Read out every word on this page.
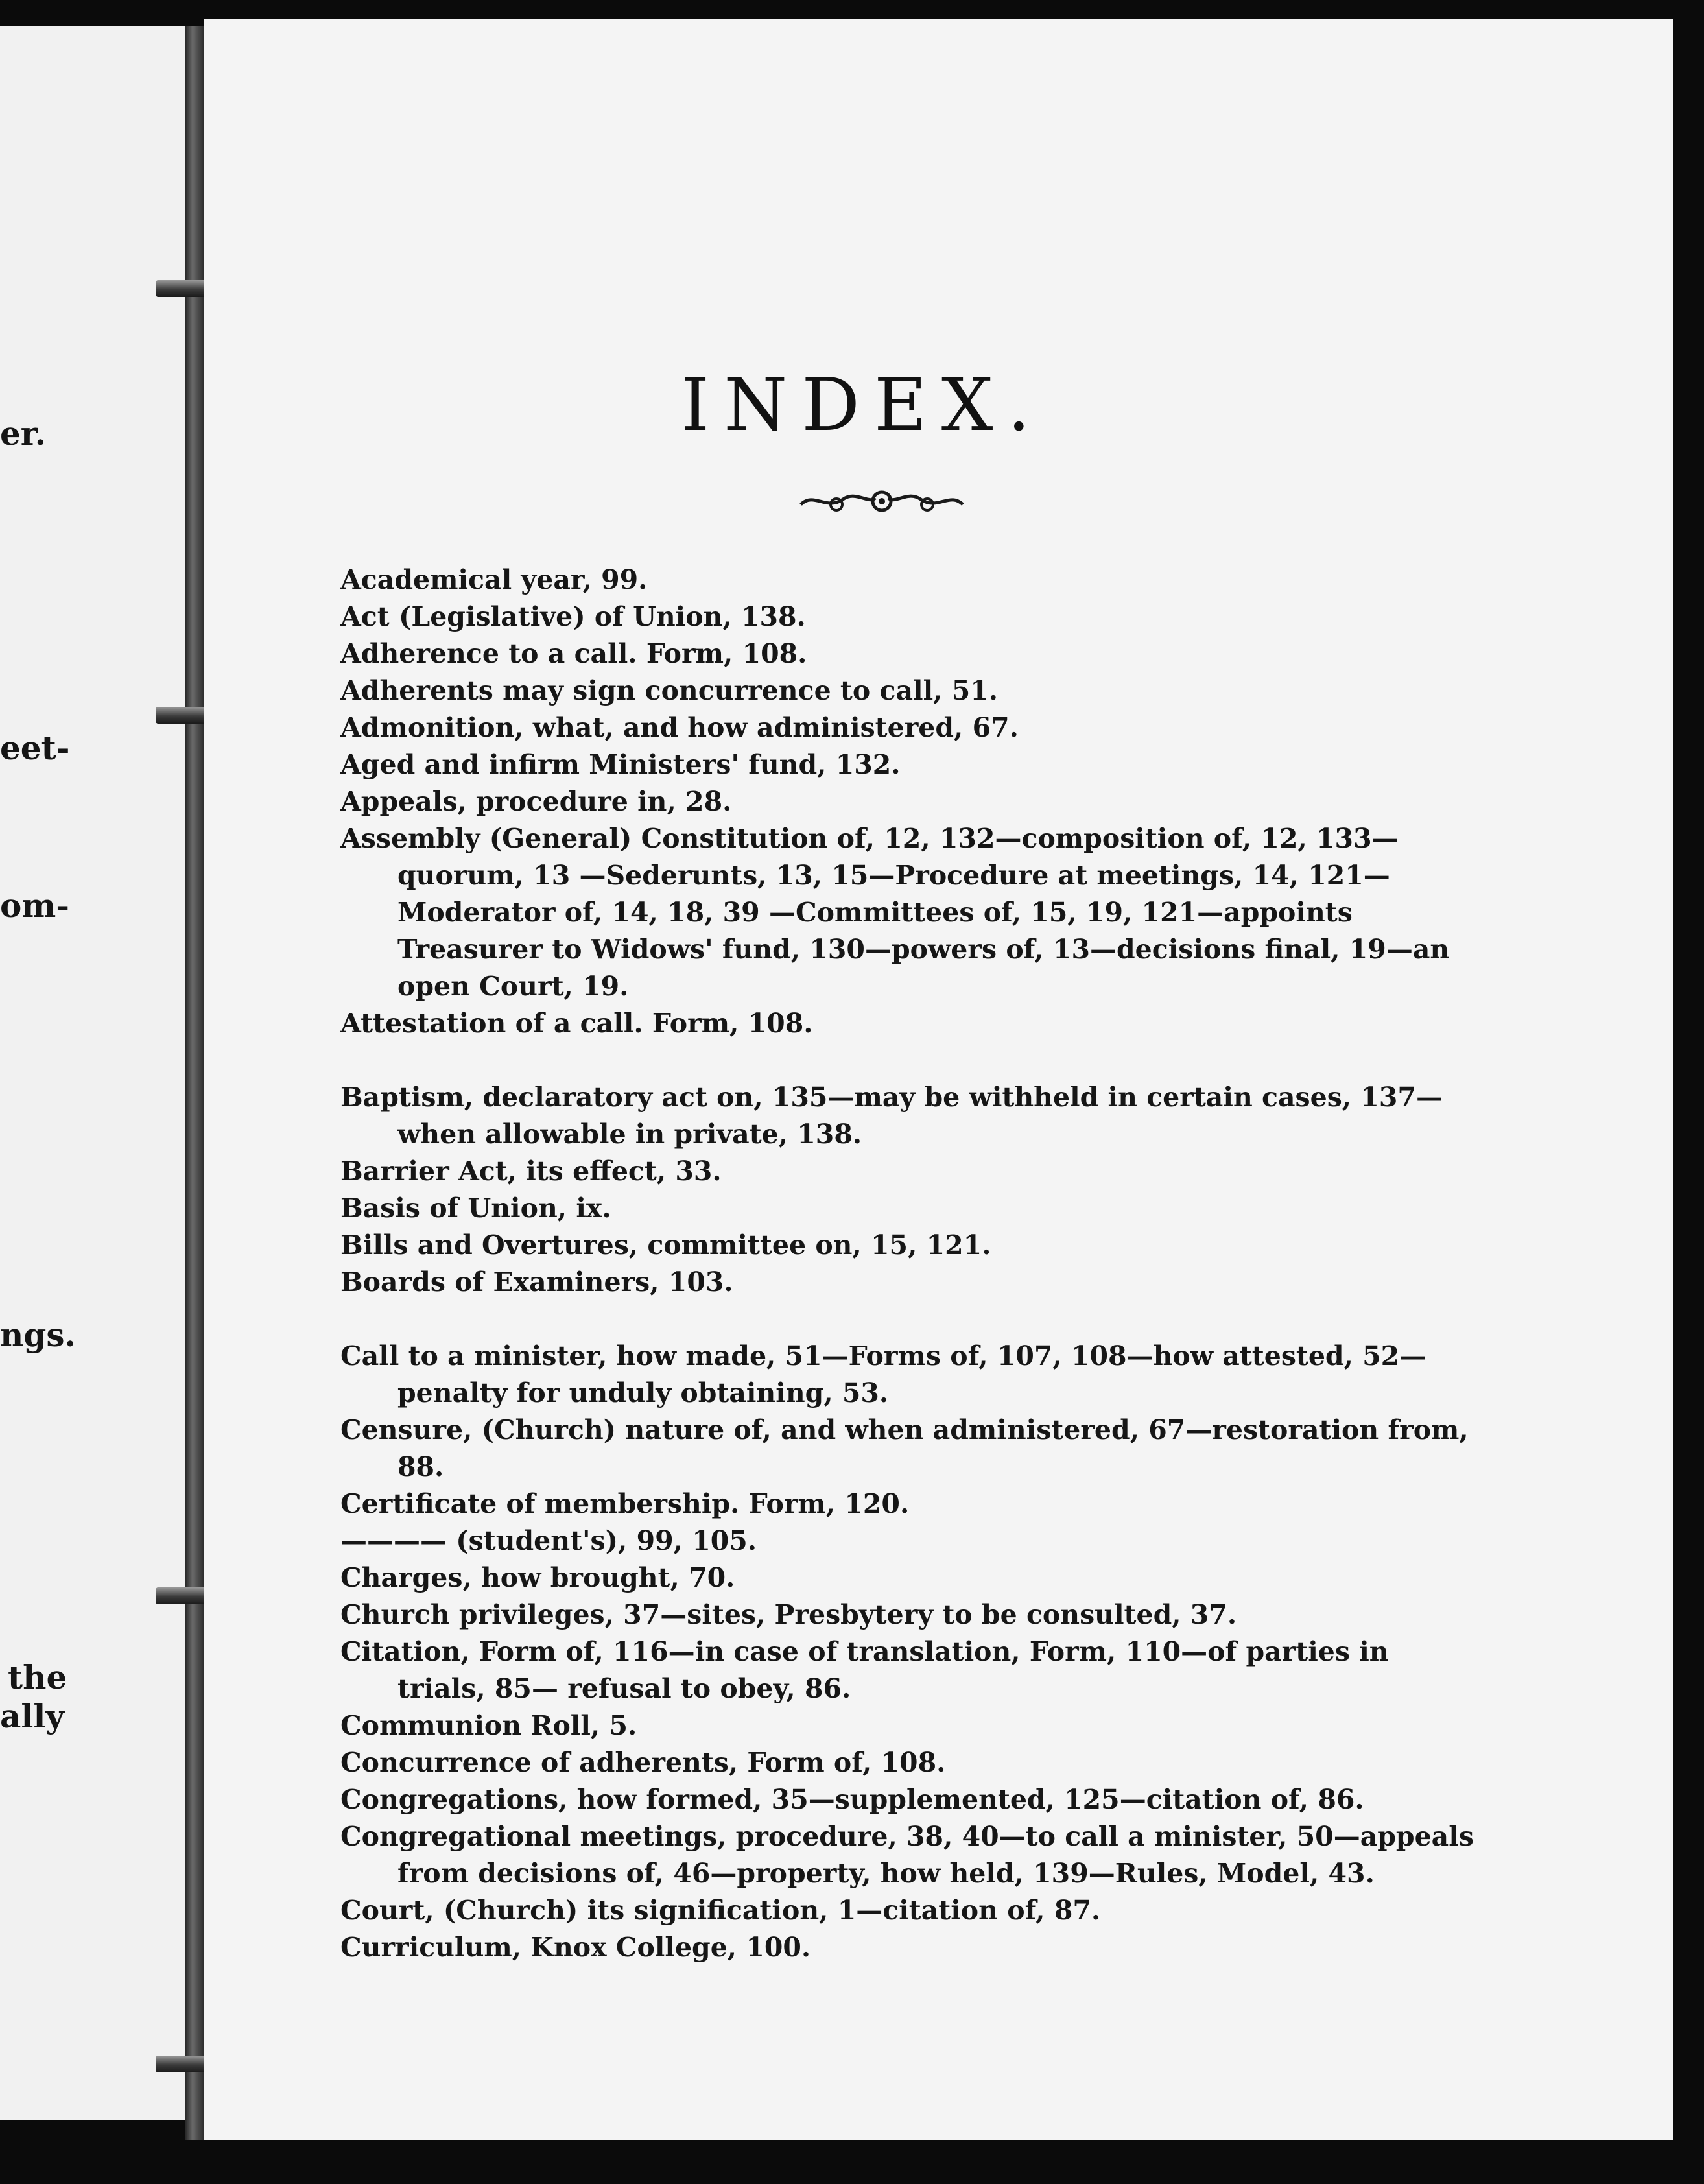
er.

eet-

om-

ngs.

the

ally

INDEX.

Academical year, 99.

Act (Legislative) of Union, 138.

Adherence to a call. Form, 108.

Adherents may sign concurrence to call, 51.

Admonition, what, and how administered, 67.

Aged and infirm Ministers' fund, 132.

Appeals, procedure in, 28.

Assembly (General) Constitution of, 12, 132—composition of, 12, 133—quorum, 13 —Sederunts, 13, 15—Procedure at meetings, 14, 121—Moderator of, 14, 18, 39 —Committees of, 15, 19, 121—appoints Treasurer to Widows' fund, 130—powers of, 13—decisions final, 19—an open Court, 19.

Attestation of a call. Form, 108.

Baptism, declaratory act on, 135—may be withheld in certain cases, 137—when allowable in private, 138.

Barrier Act, its effect, 33.

Basis of Union, ix.

Bills and Overtures, committee on, 15, 121.

Boards of Examiners, 103.

Call to a minister, how made, 51—Forms of, 107, 108—how attested, 52—penalty for unduly obtaining, 53.

Censure, (Church) nature of, and when administered, 67—restoration from, 88.

Certificate of membership. Form, 120.

———— (student's), 99, 105.

Charges, how brought, 70.

Church privileges, 37—sites, Presbytery to be consulted, 37.

Citation, Form of, 116—in case of translation, Form, 110—of parties in trials, 85— refusal to obey, 86.

Communion Roll, 5.

Concurrence of adherents, Form of, 108.

Congregations, how formed, 35—supplemented, 125—citation of, 86.

Congregational meetings, procedure, 38, 40—to call a minister, 50—appeals from decisions of, 46—property, how held, 139—Rules, Model, 43.

Court, (Church) its signification, 1—citation of, 87.

Curriculum, Knox College, 100.
